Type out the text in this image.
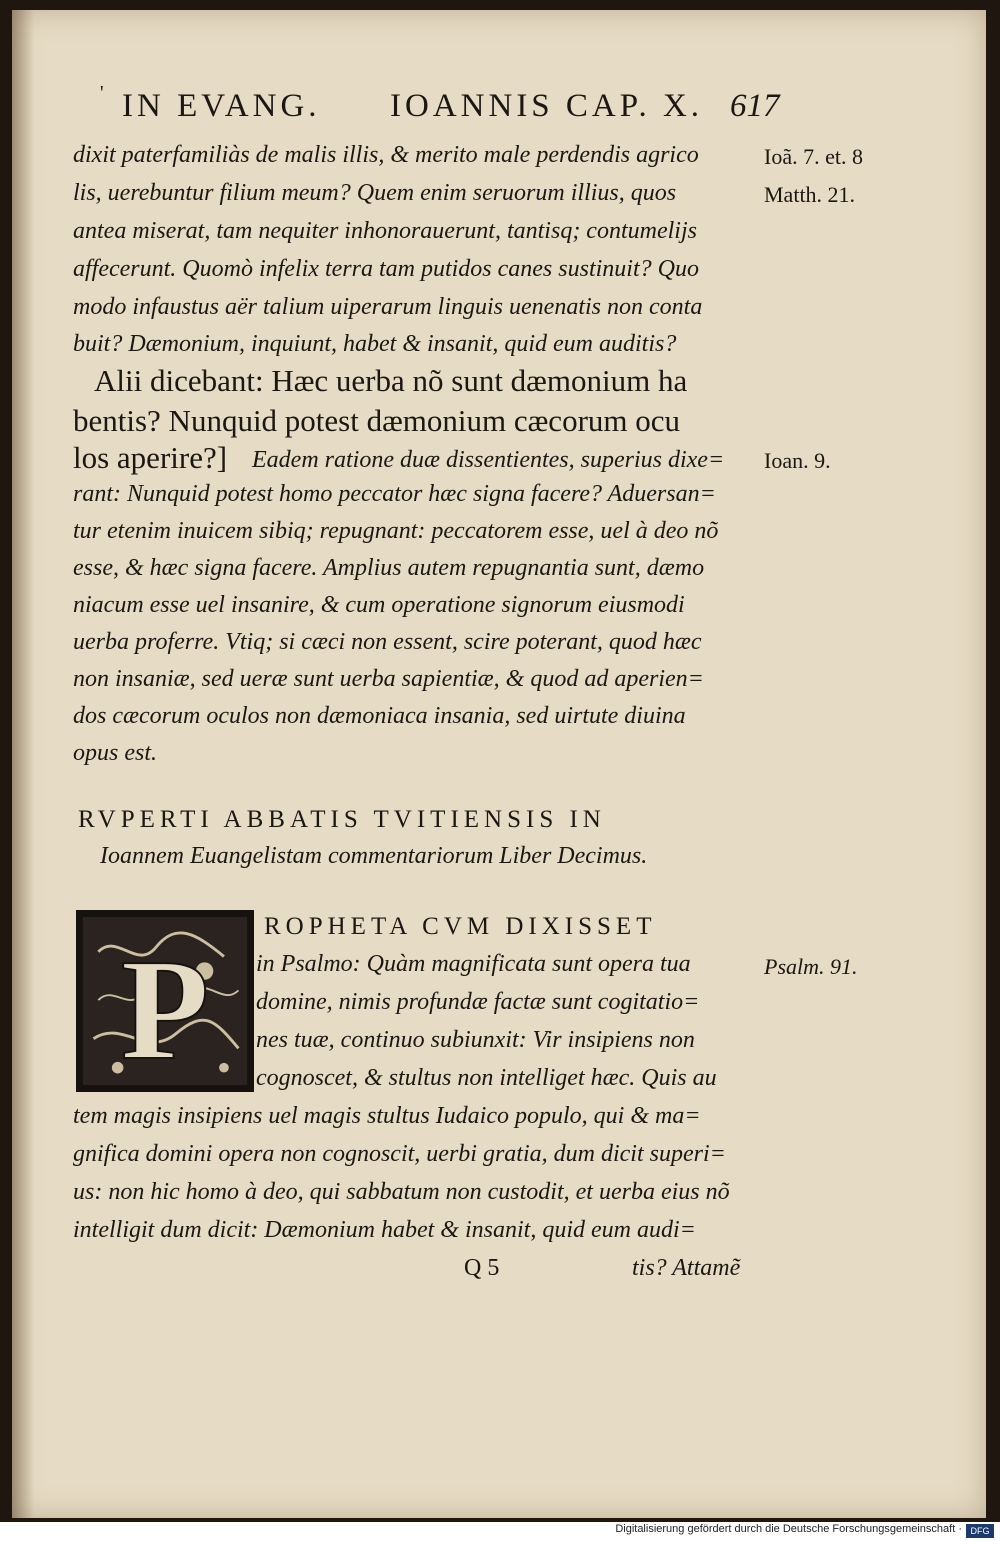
' IN EVANG. IOANNIS CAP. X. 617
dixit paterfamiliàs de malis illis, & merito male perdendis agrico
lis, uerebuntur filium meum? Quem enim seruorum illius, quos
antea miserat, tam nequiter inhonorauerunt, tantisq; contumelijs
affecerunt. Quomò infelix terra tam putidos canes sustinuit? Quo
modo infaustus aër talium uiperarum linguis uenenatis non conta
buit? Dæmonium, inquiunt, habet & insanit, quid eum auditis?
Alii dicebant: Hæc uerba nõ sunt dæmonium ha
bentis? Nunquid potest dæmonium cæcorum ocu
los aperire?] Eadem ratione duæ dissentientes, superius dixe=
rant: Nunquid potest homo peccator hæc signa facere? Aduersan=
tur etenim inuicem sibiq; repugnant: peccatorem esse, uel à deo nõ
esse, & hæc signa facere. Amplius autem repugnantia sunt, dæmo
niacum esse uel insanire, & cum operatione signorum eiusmodi
uerba proferre. Vtiq; si cæci non essent, scire poterant, quod hæc
non insaniæ, sed ueræ sunt uerba sapientiæ, & quod ad aperien=
dos cæcorum oculos non dæmoniaca insania, sed uirtute diuina
opus est.
RVPERTI ABBATIS TVITIENSIS IN
Ioannem Euangelistam commentariorum Liber Decimus.
P
ROPHETA CVM DIXISSET
in Psalmo: Quàm magnificata sunt opera tua
domine, nimis profundæ factæ sunt cogitatio=
nes tuæ, continuo subiunxit: Vir insipiens non
cognoscet, & stultus non intelliget hæc. Quis au
tem magis insipiens uel magis stultus Iudaico populo, qui & ma=
gnifica domini opera non cognoscit, uerbi gratia, dum dicit superi=
us: non hic homo à deo, qui sabbatum non custodit, et uerba eius nõ
intelligit dum dicit: Dæmonium habet & insanit, quid eum audi=
Q 5	tis? Attamẽ
Ioã. 7. et. 8
Matth. 21.
Ioan. 9.
Psalm. 91.
Digitalisierung gefördert durch die Deutsche Forschungsgemeinschaft · DFG
